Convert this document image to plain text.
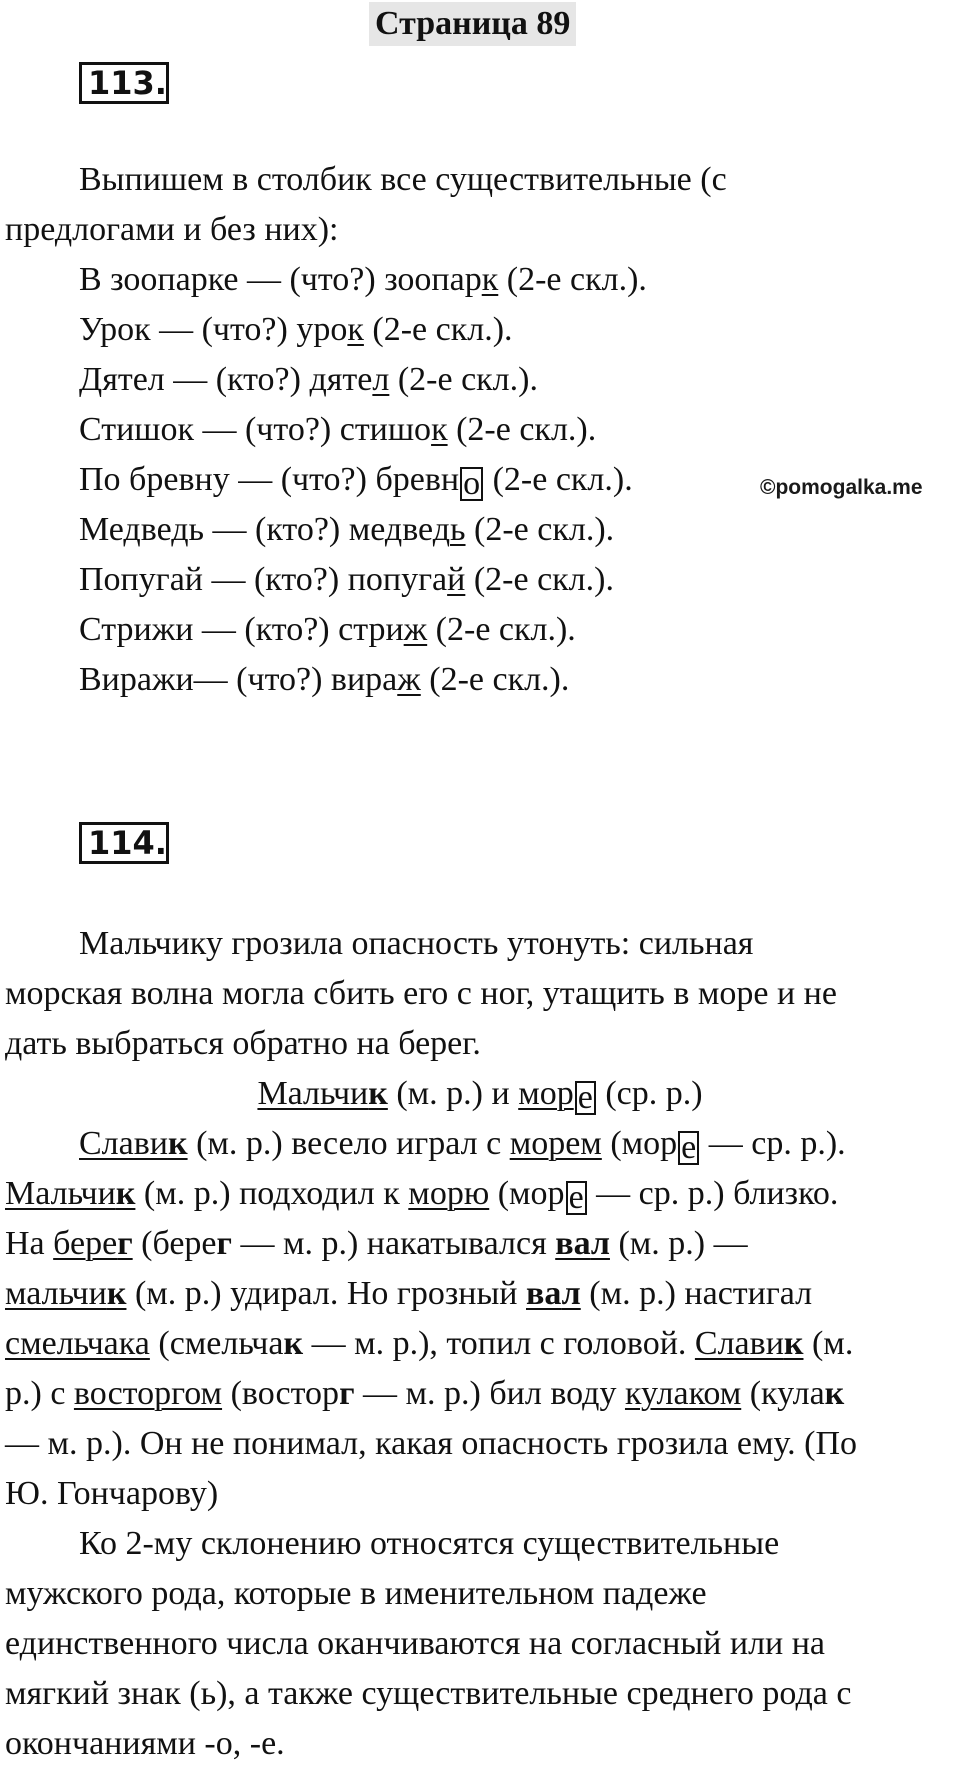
Страница 89
113.
Выпишем в столбик все существительные (с
предлогами и без них):
В зоопарке — (что?) зоопарк (2-е скл.).
Урок — (что?) урок (2-е скл.).
Дятел — (кто?) дятел (2-е скл.).
Стишок — (что?) стишок (2-е скл.).
По бревну — (что?) бревн о (2-е скл.).
Медведь — (кто?) медведь (2-е скл.).
Попугай — (кто?) попугай (2-е скл.).
Стрижи — (кто?) стриж (2-е скл.).
Виражи— (что?) вираж (2-е скл.).
©pomogalka.me
114.
Мальчику грозила опасность утонуть: сильная
морская волна могла сбить его с ног, утащить в море и не
дать выбраться обратно на берег.
Мальчик (м. р.) и мор е (ср. р.)
Славик (м. р.) весело играл с морем (мор е — ср. р.).
Мальчик (м. р.) подходил к морю (мор е — ср. р.) близко.
На берег (берег — м. р.) накатывался вал (м. р.) —
мальчик (м. р.) удирал. Но грозный вал (м. р.) настигал
смельчака (смельчак — м. р.), топил с головой. Славик (м.
р.) с восторгом (восторг — м. р.) бил воду кулаком (кулак
— м. р.). Он не понимал, какая опасность грозила ему. (По
Ю. Гончарову)
Ко 2-му склонению относятся существительные
мужского рода, которые в именительном падеже
единственного числа оканчиваются на согласный или на
мягкий знак (ь), а также существительные среднего рода с
окончаниями -о, -е.
